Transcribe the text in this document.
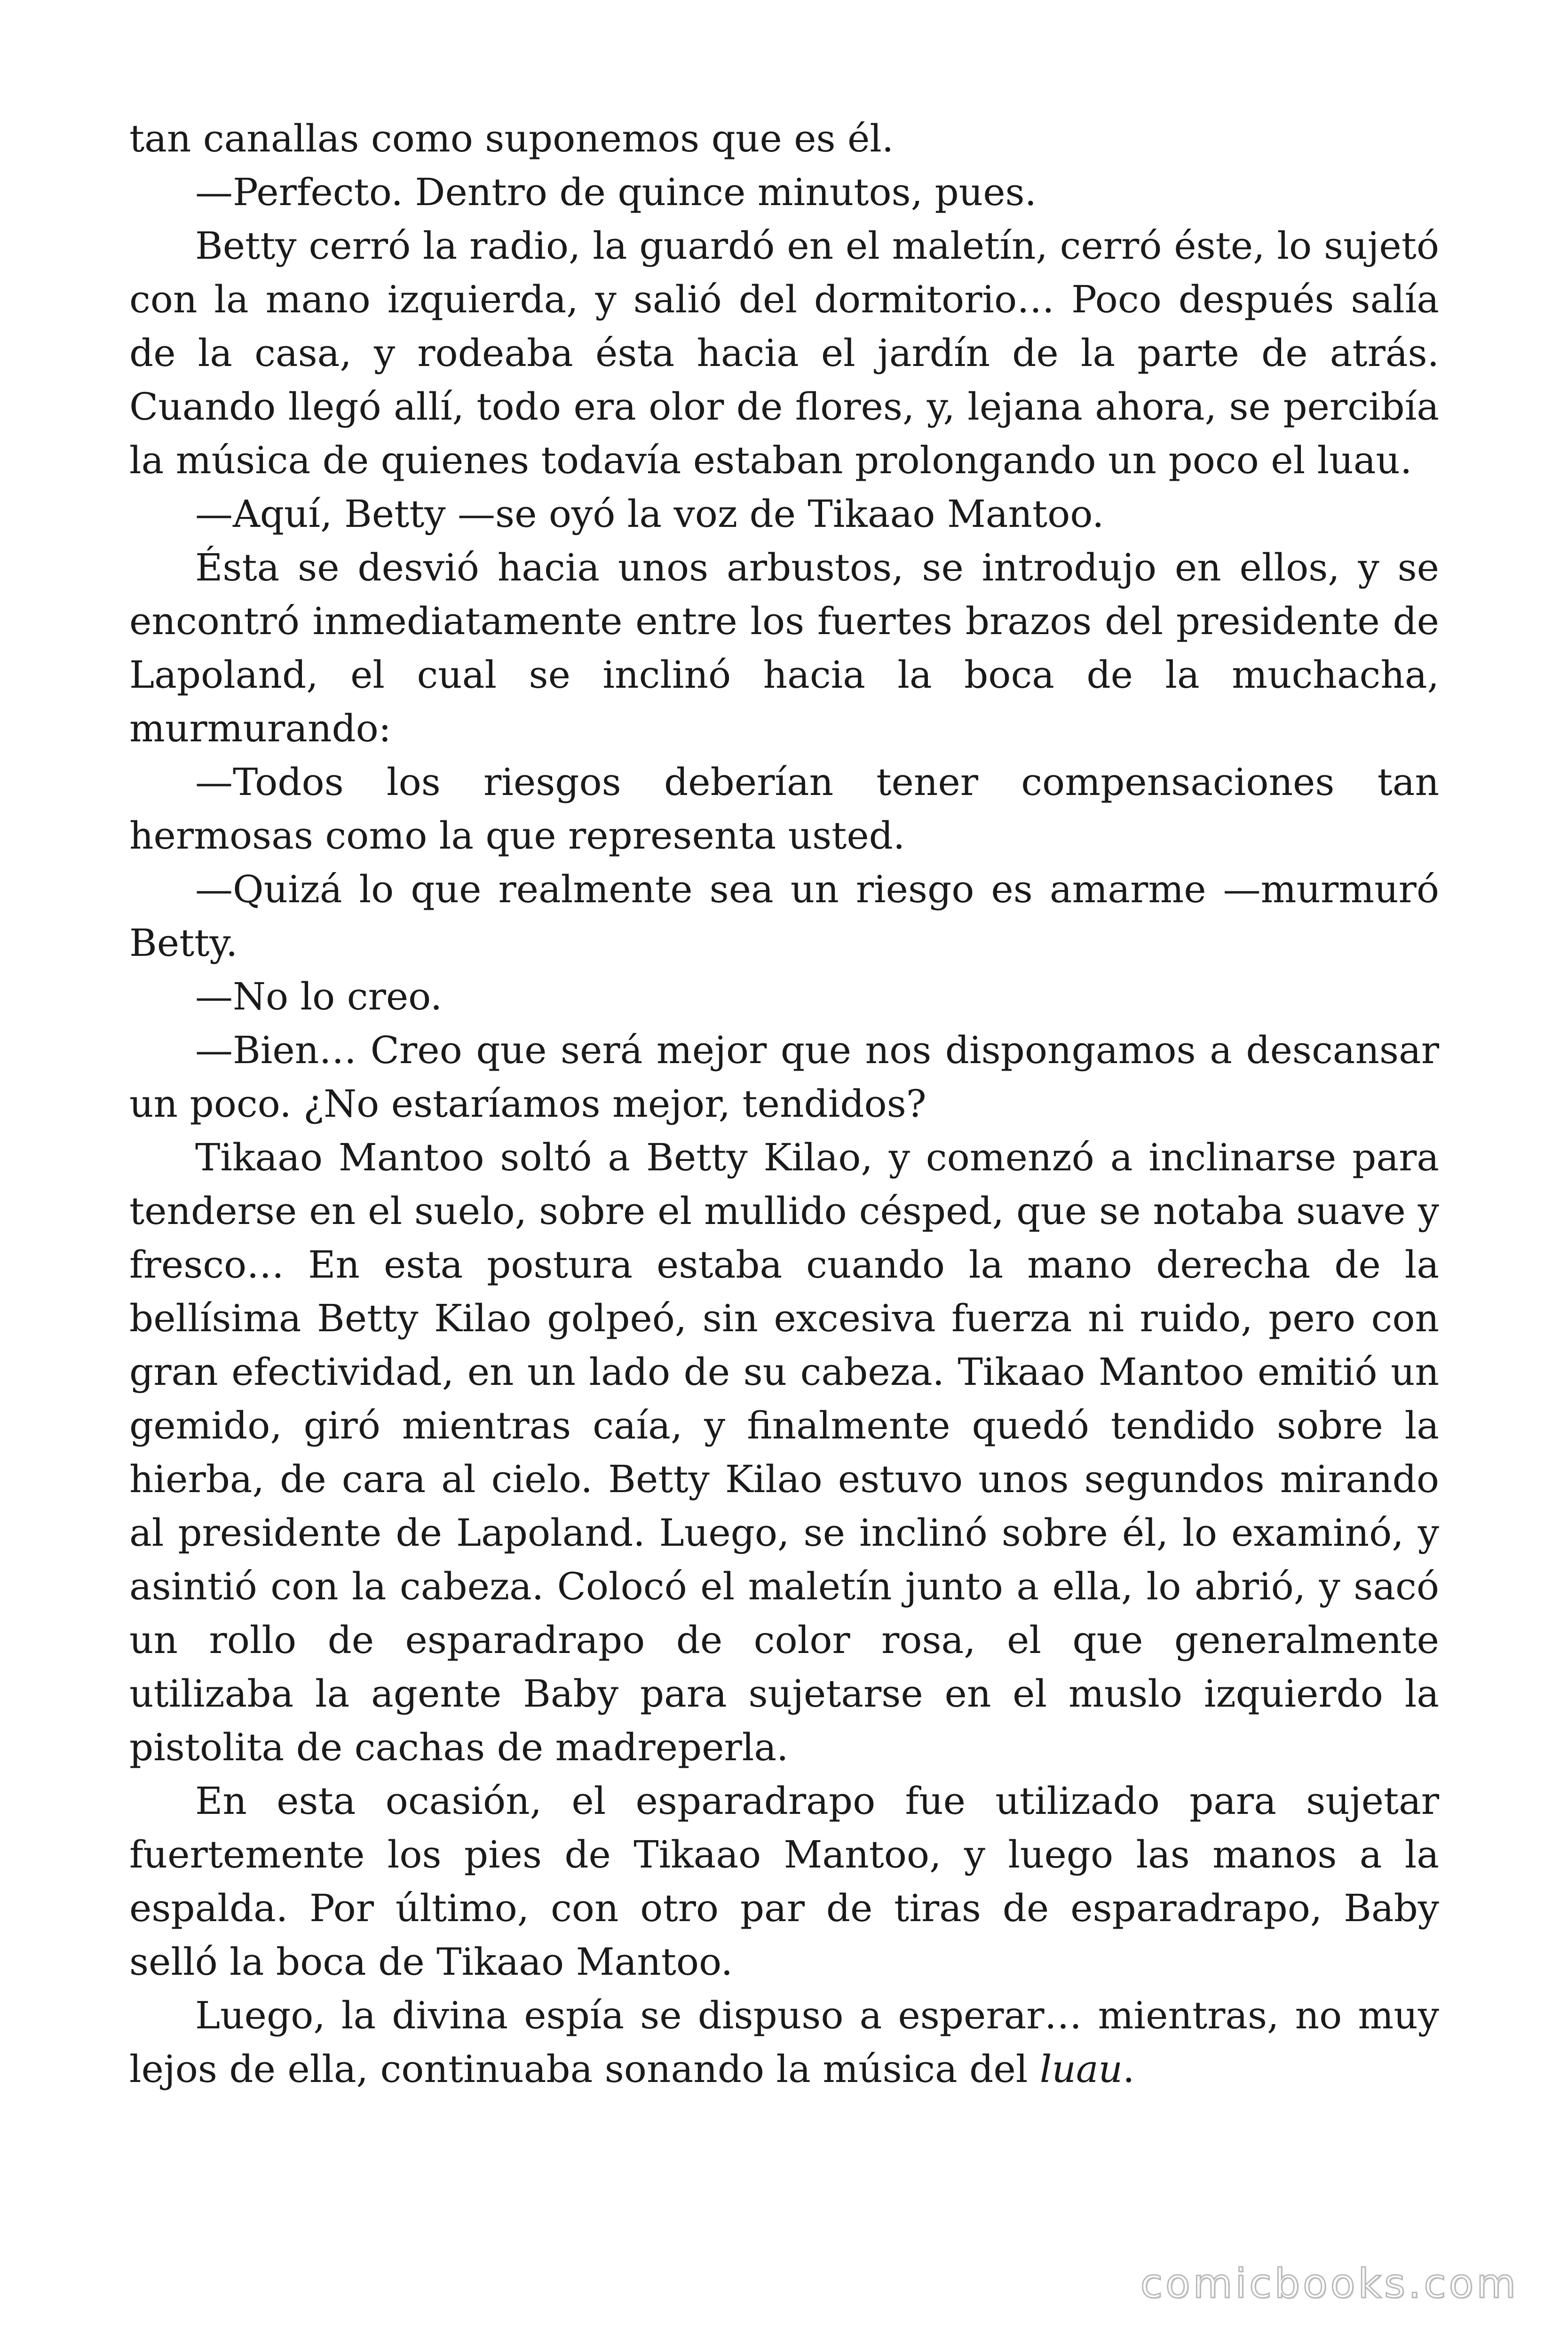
tan canallas como suponemos que es él.

—Perfecto. Dentro de quince minutos, pues.

Betty cerró la radio, la guardó en el maletín, cerró éste, lo sujetó con la mano izquierda, y salió del dormitorio… Poco después salía de la casa, y rodeaba ésta hacia el jardín de la parte de atrás. Cuando llegó allí, todo era olor de flores, y, lejana ahora, se percibía la música de quienes todavía estaban prolongando un poco el luau.

—Aquí, Betty —se oyó la voz de Tikaao Mantoo.

Ésta se desvió hacia unos arbustos, se introdujo en ellos, y se encontró inmediatamente entre los fuertes brazos del presidente de Lapoland, el cual se inclinó hacia la boca de la muchacha, murmurando:

—Todos los riesgos deberían tener compensaciones tan hermosas como la que representa usted.

—Quizá lo que realmente sea un riesgo es amarme —murmuró Betty.

—No lo creo.

—Bien… Creo que será mejor que nos dispongamos a descansar un poco. ¿No estaríamos mejor, tendidos?

Tikaao Mantoo soltó a Betty Kilao, y comenzó a inclinarse para tenderse en el suelo, sobre el mullido césped, que se notaba suave y fresco… En esta postura estaba cuando la mano derecha de la bellísima Betty Kilao golpeó, sin excesiva fuerza ni ruido, pero con gran efectividad, en un lado de su cabeza. Tikaao Mantoo emitió un gemido, giró mientras caía, y finalmente quedó tendido sobre la hierba, de cara al cielo. Betty Kilao estuvo unos segundos mirando al presidente de Lapoland. Luego, se inclinó sobre él, lo examinó, y asintió con la cabeza. Colocó el maletín junto a ella, lo abrió, y sacó un rollo de esparadrapo de color rosa, el que generalmente utilizaba la agente Baby para sujetarse en el muslo izquierdo la pistolita de cachas de madreperla.

En esta ocasión, el esparadrapo fue utilizado para sujetar fuertemente los pies de Tikaao Mantoo, y luego las manos a la espalda. Por último, con otro par de tiras de esparadrapo, Baby selló la boca de Tikaao Mantoo.

Luego, la divina espía se dispuso a esperar… mientras, no muy lejos de ella, continuaba sonando la música del luau.

comicbooks.com
